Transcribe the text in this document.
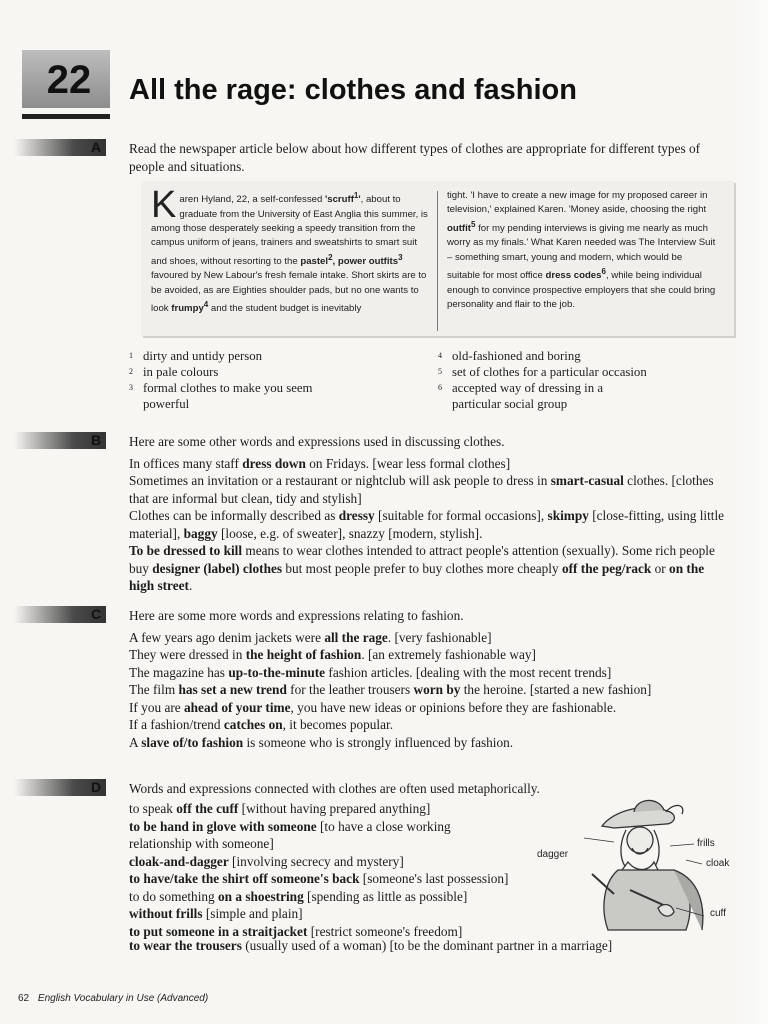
22	All the rage: clothes and fashion
A Read the newspaper article below about how different types of clothes are appropriate for different types of people and situations.

K aren Hyland, 22, a self-confessed 'scruff$^1$', about to graduate from the University of East Anglia this summer, is among those desperately seeking a speedy transition from the campus uniform of jeans, trainers and sweatshirts to smart suit and shoes, without resorting to the pastel$^2$, power outfits$^3$ favoured by New Labour's fresh female intake. Short skirts are to be avoided, as are Eighties shoulder pads, but no one wants to look frumpy$^4$ and the student budget is inevitably
tight. 'I have to create a new image for my proposed career in television,' explained Karen. 'Money aside, choosing the right outfit$^5$ for my pending interviews is giving me nearly as much worry as my finals.' What Karen needed was The Interview Suit – something smart, young and modern, which would be suitable for most office dress codes$^6$, while being individual enough to convince prospective employers that she could bring personality and flair to the job.
1 dirty and untidy person
2 in pale colours
3 formal clothes to make you seem powerful
4 old-fashioned and boring
5 set of clothes for a particular occasion
6 accepted way of dressing in a particular social group
B Here are some other words and expressions used in discussing clothes.

In offices many staff dress down on Fridays. [wear less formal clothes]

Sometimes an invitation or a restaurant or nightclub will ask people to dress in smart-casual clothes. [clothes that are informal but clean, tidy and stylish]

Clothes can be informally described as dressy [suitable for formal occasions], skimpy [close-fitting, using little material], baggy [loose, e.g. of sweater], snazzy [modern, stylish].

To be dressed to kill means to wear clothes intended to attract people's attention (sexually). Some rich people buy designer (label) clothes but most people prefer to buy clothes more cheaply off the peg/rack or on the high street.

C Here are some more words and expressions relating to fashion.

A few years ago denim jackets were all the rage. [very fashionable]

They were dressed in the height of fashion. [an extremely fashionable way]

The magazine has up-to-the-minute fashion articles. [dealing with the most recent trends]

The film has set a new trend for the leather trousers worn by the heroine. [started a new fashion]

If you are ahead of your time, you have new ideas or opinions before they are fashionable.

If a fashion/trend catches on, it becomes popular.

A slave of/to fashion is someone who is strongly influenced by fashion.

D Words and expressions connected with clothes are often used metaphorically.

to speak off the cuff [without having prepared anything]

to be hand in glove with someone [to have a close working relationship with someone]

cloak-and-dagger [involving secrecy and mystery]

to have/take the shirt off someone's back [someone's last possession]

to do something on a shoestring [spending as little as possible]

without frills [simple and plain]

to put someone in a straitjacket [restrict someone's freedom]

to wear the trousers (usually used of a woman) [to be the dominant partner in a marriage]

dagger
frills
cloak
cuff
62 English Vocabulary in Use (Advanced)
